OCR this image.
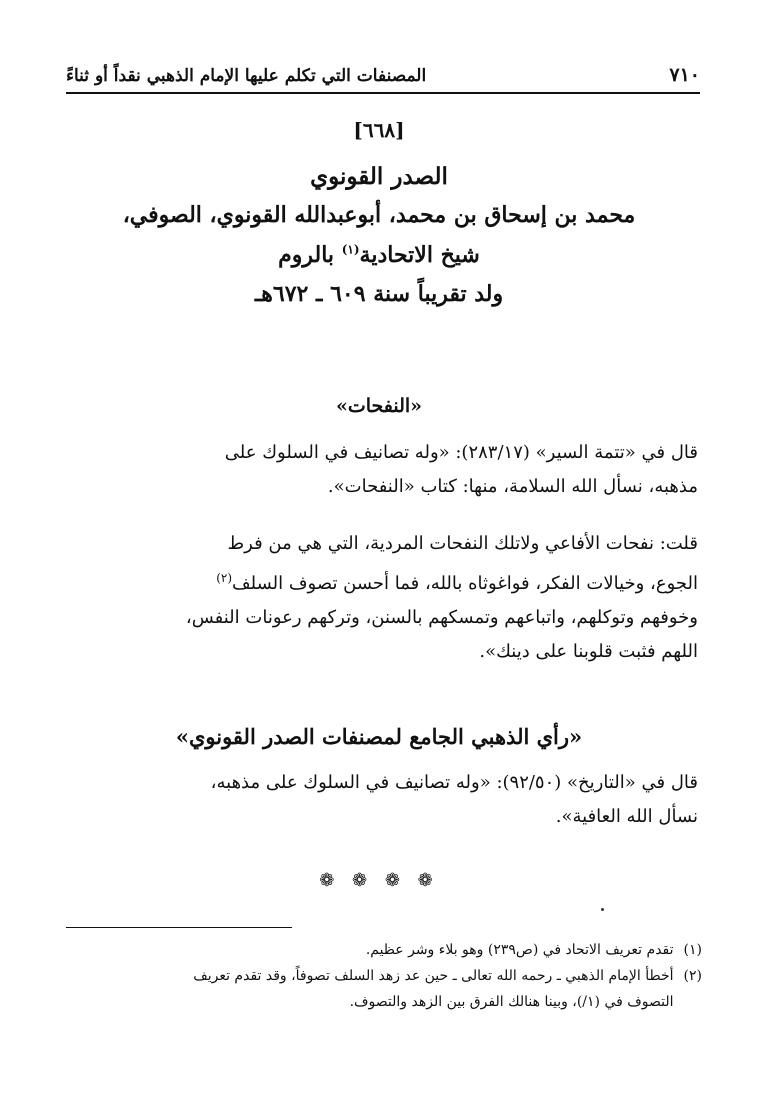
٧١٠
المصنفات التي تكلم عليها الإمام الذهبي نقداً أو ثناءً
[٦٦٨]
الصدر القونوي
محمد بن إسحاق بن محمد، أبوعبدالله القونوي، الصوفي،
شيخ الاتحادية$^{(١)}$ بالروم
ولد تقريباً سنة ٦٠٩ ـ ٦٧٢هـ
«النفحات»
قال في «تتمة السير» (٢٨٣/١٧): «وله تصانيف في السلوك على
مذهبه، نسأل الله السلامة، منها: كتاب «النفحات».
قلت: نفحات الأفاعي ولاتلك النفحات المردية، التي هي من فرط
الجوع، وخيالات الفكر، فواغوثاه بالله، فما أحسن تصوف السلف$^{(٢)}$
وخوفهم وتوكلهم، واتباعهم وتمسكهم بالسنن، وتركهم رعونات النفس،
اللهم فثبت قلوبنا على دينك».
«رأي الذهبي الجامع لمصنفات الصدر القونوي»
قال في «التاريخ» (٩٢/٥٠): «وله تصانيف في السلوك على مذهبه،
نسأل الله العافية».
❁ ❁ ❁ ❁
(١)
تقدم تعريف الاتحاد في (ص٢٣٩) وهو بلاء وشر عظيم.
(٢)
أخطأ الإمام الذهبي ـ رحمه الله تعالى ـ حين عد زهد السلف تصوفاً، وقد تقدم تعريف
التصوف في (١/)، وبينا هنالك الفرق بين الزهد والتصوف.
